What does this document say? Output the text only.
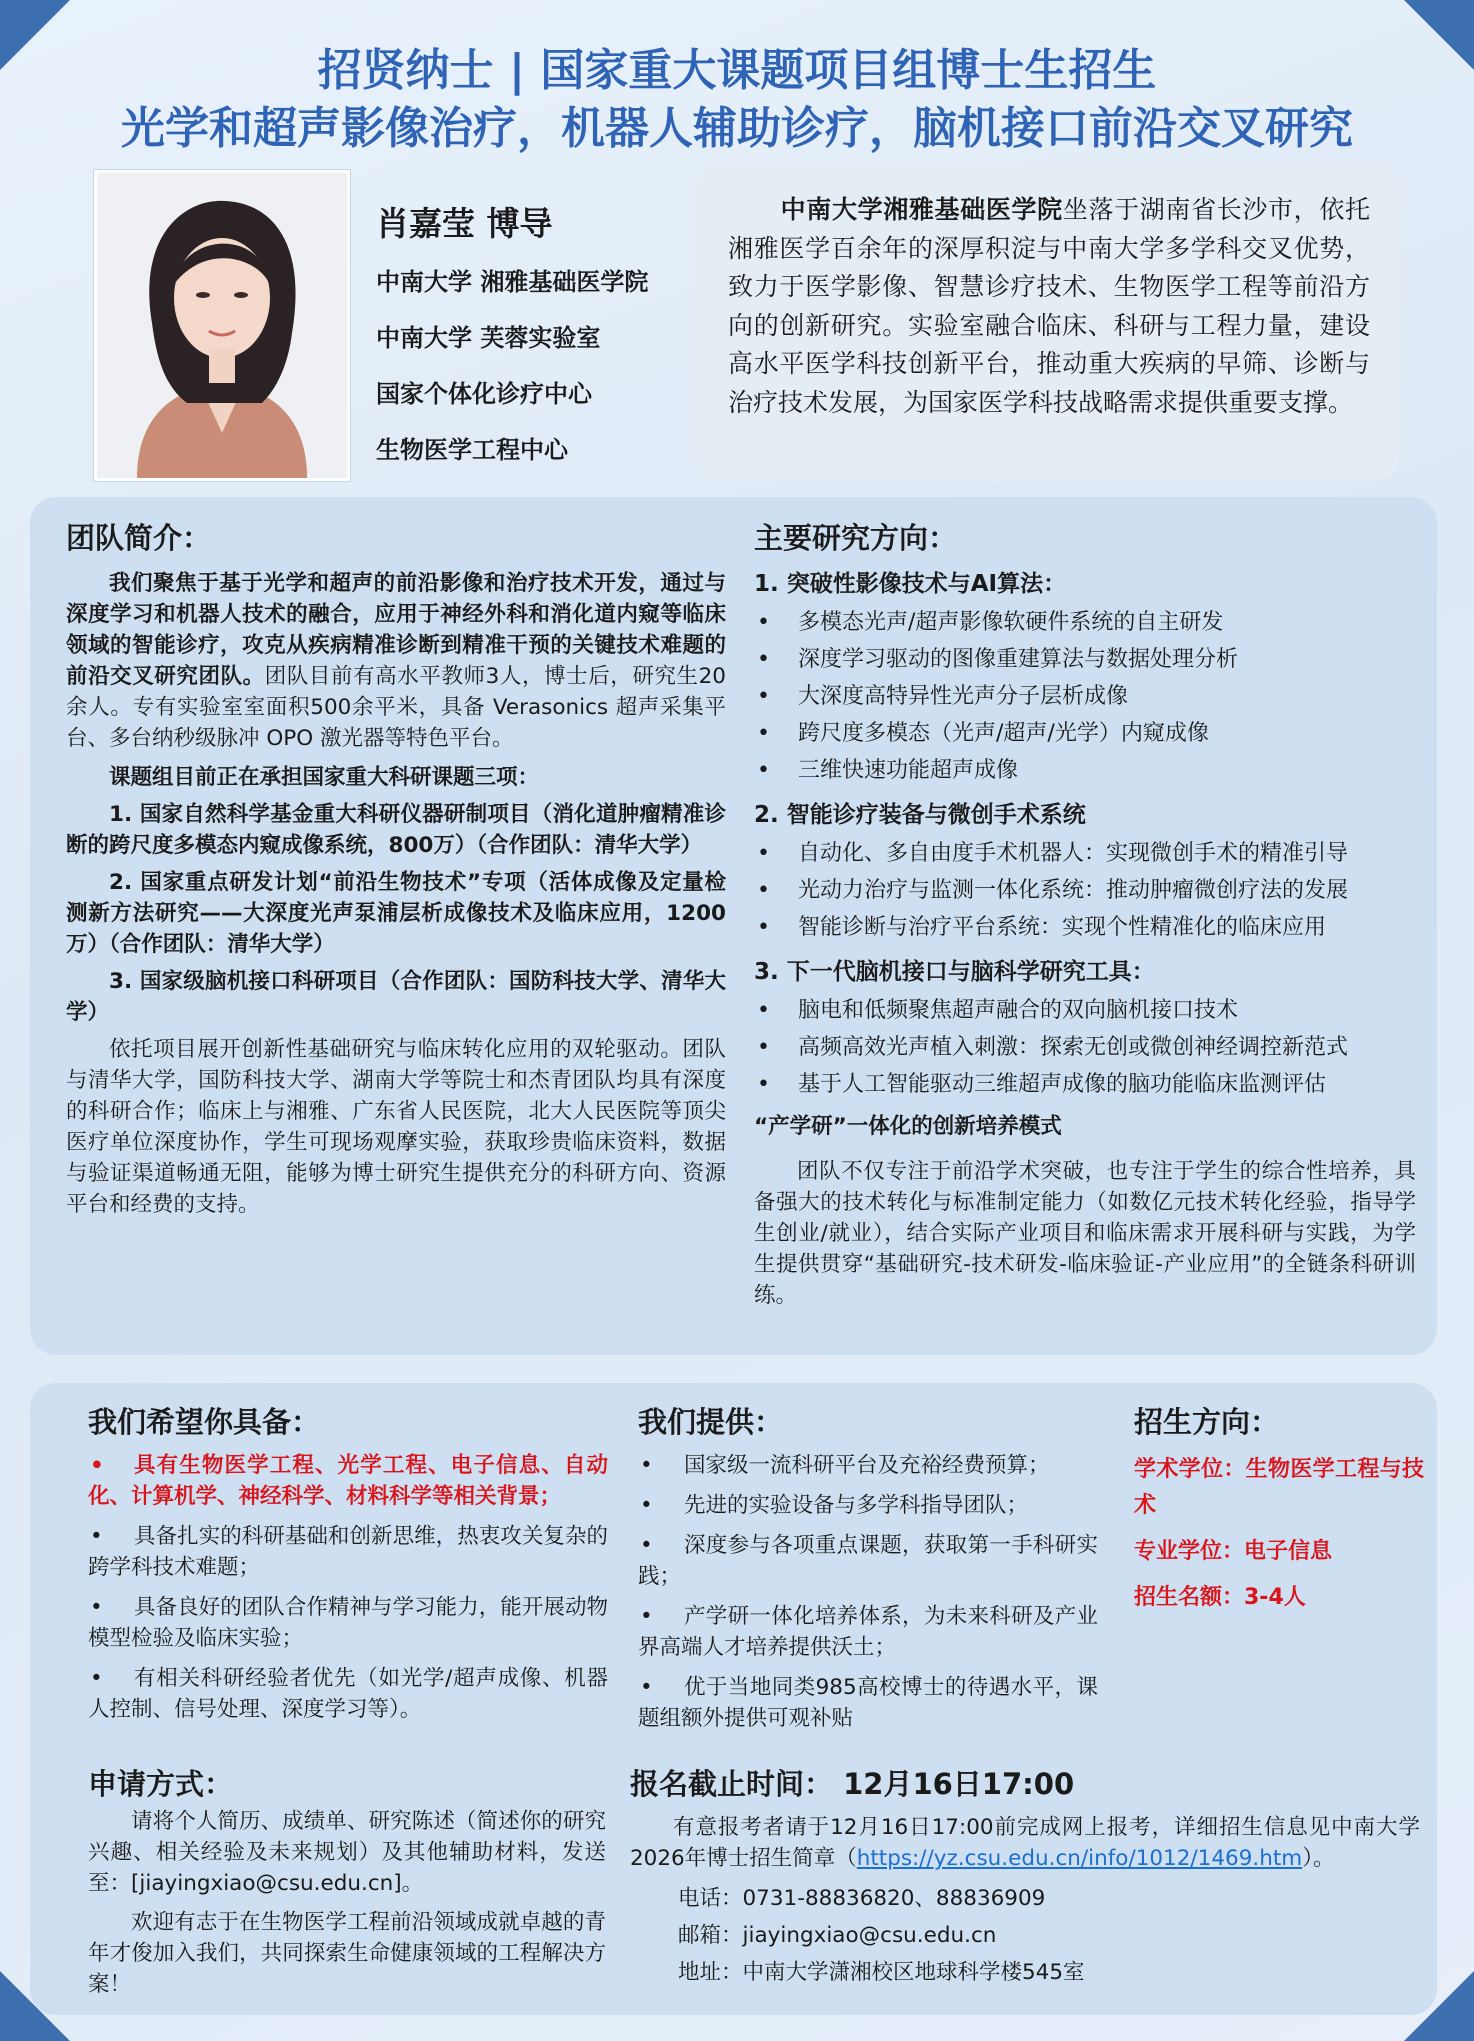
招贤纳士 | 国家重大课题项目组博士生招生
光学和超声影像治疗，机器人辅助诊疗，脑机接口前沿交叉研究
肖嘉莹 博导
中南大学 湘雅基础医学院
中南大学 芙蓉实验室
国家个体化诊疗中心
生物医学工程中心
中南大学湘雅基础医学院坐落于湖南省长沙市，依托湘雅医学百余年的深厚积淀与中南大学多学科交叉优势，致力于医学影像、智慧诊疗技术、生物医学工程等前沿方向的创新研究。实验室融合临床、科研与工程力量，建设高水平医学科技创新平台，推动重大疾病的早筛、诊断与治疗技术发展，为国家医学科技战略需求提供重要支撑。
团队简介：

我们聚焦于基于光学和超声的前沿影像和治疗技术开发，通过与深度学习和机器人技术的融合，应用于神经外科和消化道内窥等临床领域的智能诊疗，攻克从疾病精准诊断到精准干预的关键技术难题的前沿交叉研究团队。团队目前有高水平教师3人，博士后，研究生20余人。专有实验室室面积500余平米，具备 Verasonics 超声采集平台、多台纳秒级脉冲 OPO 激光器等特色平台。

课题组目前正在承担国家重大科研课题三项：

1. 国家自然科学基金重大科研仪器研制项目（消化道肿瘤精准诊断的跨尺度多模态内窥成像系统，800万）（合作团队：清华大学）

2. 国家重点研发计划“前沿生物技术”专项（活体成像及定量检测新方法研究——大深度光声泵浦层析成像技术及临床应用，1200万）（合作团队：清华大学）

3. 国家级脑机接口科研项目（合作团队：国防科技大学、清华大学）

依托项目展开创新性基础研究与临床转化应用的双轮驱动。团队与清华大学，国防科技大学、湖南大学等院士和杰青团队均具有深度的科研合作；临床上与湘雅、广东省人民医院，北大人民医院等顶尖医疗单位深度协作，学生可现场观摩实验，获取珍贵临床资料，数据与验证渠道畅通无阻，能够为博士研究生提供充分的科研方向、资源平台和经费的支持。

主要研究方向：
1. 突破性影像技术与AI算法：
• 多模态光声/超声影像软硬件系统的自主研发
• 深度学习驱动的图像重建算法与数据处理分析
• 大深度高特异性光声分子层析成像
• 跨尺度多模态（光声/超声/光学）内窥成像
• 三维快速功能超声成像
2. 智能诊疗装备与微创手术系统
• 自动化、多自由度手术机器人：实现微创手术的精准引导
• 光动力治疗与监测一体化系统：推动肿瘤微创疗法的发展
• 智能诊断与治疗平台系统：实现个性精准化的临床应用
3. 下一代脑机接口与脑科学研究工具：
• 脑电和低频聚焦超声融合的双向脑机接口技术
• 高频高效光声植入刺激：探索无创或微创神经调控新范式
• 基于人工智能驱动三维超声成像的脑功能临床监测评估
“产学研”一体化的创新培养模式

团队不仅专注于前沿学术突破，也专注于学生的综合性培养，具备强大的技术转化与标准制定能力（如数亿元技术转化经验，指导学生创业/就业），结合实际产业项目和临床需求开展科研与实践，为学生提供贯穿“基础研究-技术研发-临床验证-产业应用”的全链条科研训练。

我们希望你具备：
• 具有生物医学工程、光学工程、电子信息、自动化、计算机学、神经科学、材料科学等相关背景；
• 具备扎实的科研基础和创新思维，热衷攻关复杂的跨学科技术难题；
• 具备良好的团队合作精神与学习能力，能开展动物模型检验及临床实验；
• 有相关科研经验者优先（如光学/超声成像、机器人控制、信号处理、深度学习等）。
我们提供：
• 国家级一流科研平台及充裕经费预算；
• 先进的实验设备与多学科指导团队；
• 深度参与各项重点课题，获取第一手科研实践；
• 产学研一体化培养体系，为未来科研及产业界高端人才培养提供沃土；
• 优于当地同类985高校博士的待遇水平，课题组额外提供可观补贴
招生方向：

学术学位：生物医学工程与技术

专业学位：电子信息

招生名额：3-4人

申请方式：

请将个人简历、成绩单、研究陈述（简述你的研究兴趣、相关经验及未来规划）及其他辅助材料，发送至：[jiayingxiao@csu.edu.cn]。

欢迎有志于在生物医学工程前沿领域成就卓越的青年才俊加入我们，共同探索生命健康领域的工程解决方案！

报名截止时间： 12月16日17:00

有意报考者请于12月16日17:00前完成网上报考，详细招生信息见中南大学2026年博士招生简章（https://yz.csu.edu.cn/info/1012/1469.htm）。

电话：0731-88836820、88836909
邮箱：jiayingxiao@csu.edu.cn
地址：中南大学潇湘校区地球科学楼545室
